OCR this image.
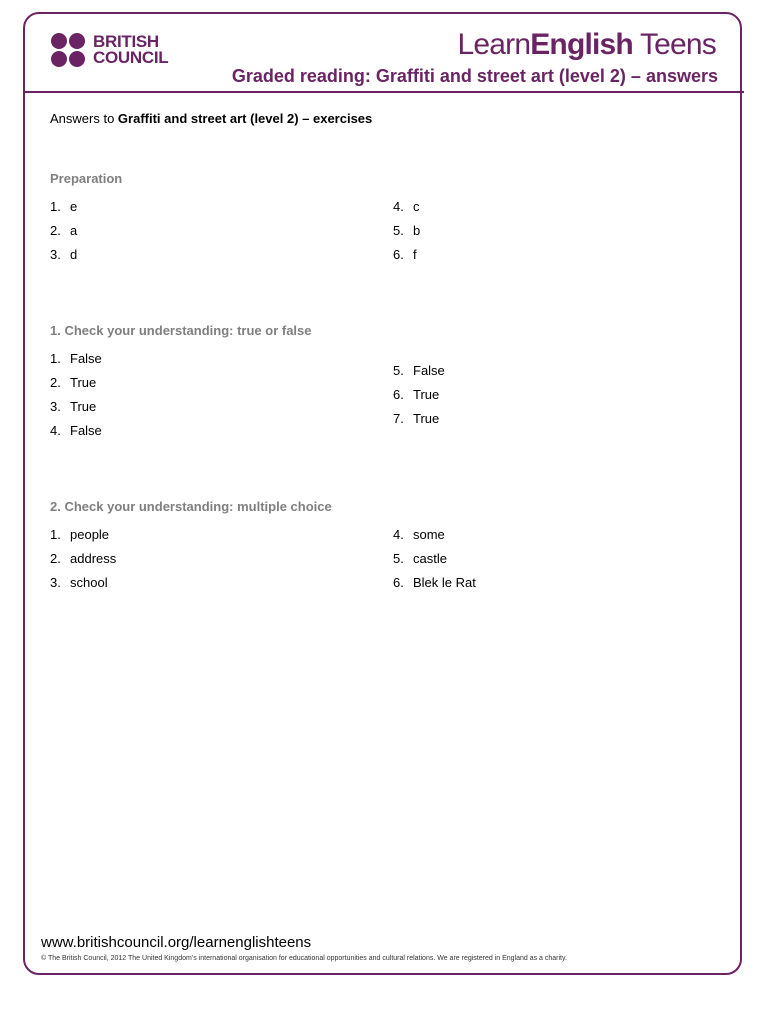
BRITISH
COUNCIL	LearnEnglish Teens
Graded reading: Graffiti and street art (level 2) – answers
Answers to Graffiti and street art (level 2) – exercises
Preparation
1. e
2. a
3. d
4. c
5. b
6. f
1. Check your understanding: true or false
1. False
2. True
3. True
4. False
5. False
6. True
7. True
2. Check your understanding: multiple choice
1. people
2. address
3. school
4. some
5. castle
6. Blek le Rat
www.britishcouncil.org/learnenglishteens
© The British Council, 2012 The United Kingdom’s international organisation for educational opportunities and cultural relations. We are registered in England as a charity.
